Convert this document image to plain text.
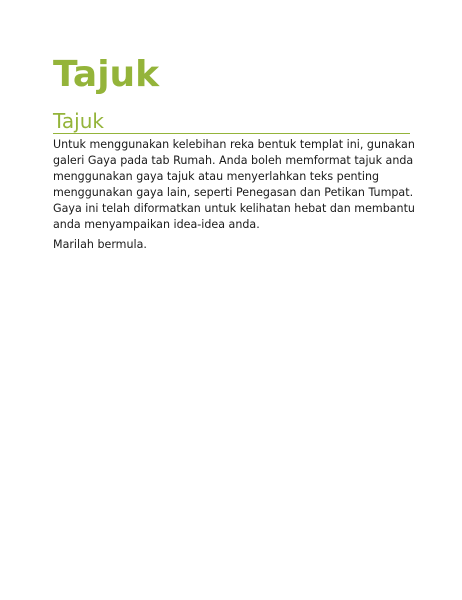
Tajuk
Tajuk
Untuk menggunakan kelebihan reka bentuk templat ini, gunakan
galeri Gaya pada tab Rumah. Anda boleh memformat tajuk anda
menggunakan gaya tajuk atau menyerlahkan teks penting
menggunakan gaya lain, seperti Penegasan dan Petikan Tumpat.
Gaya ini telah diformatkan untuk kelihatan hebat dan membantu
anda menyampaikan idea-idea anda.
Marilah bermula.
